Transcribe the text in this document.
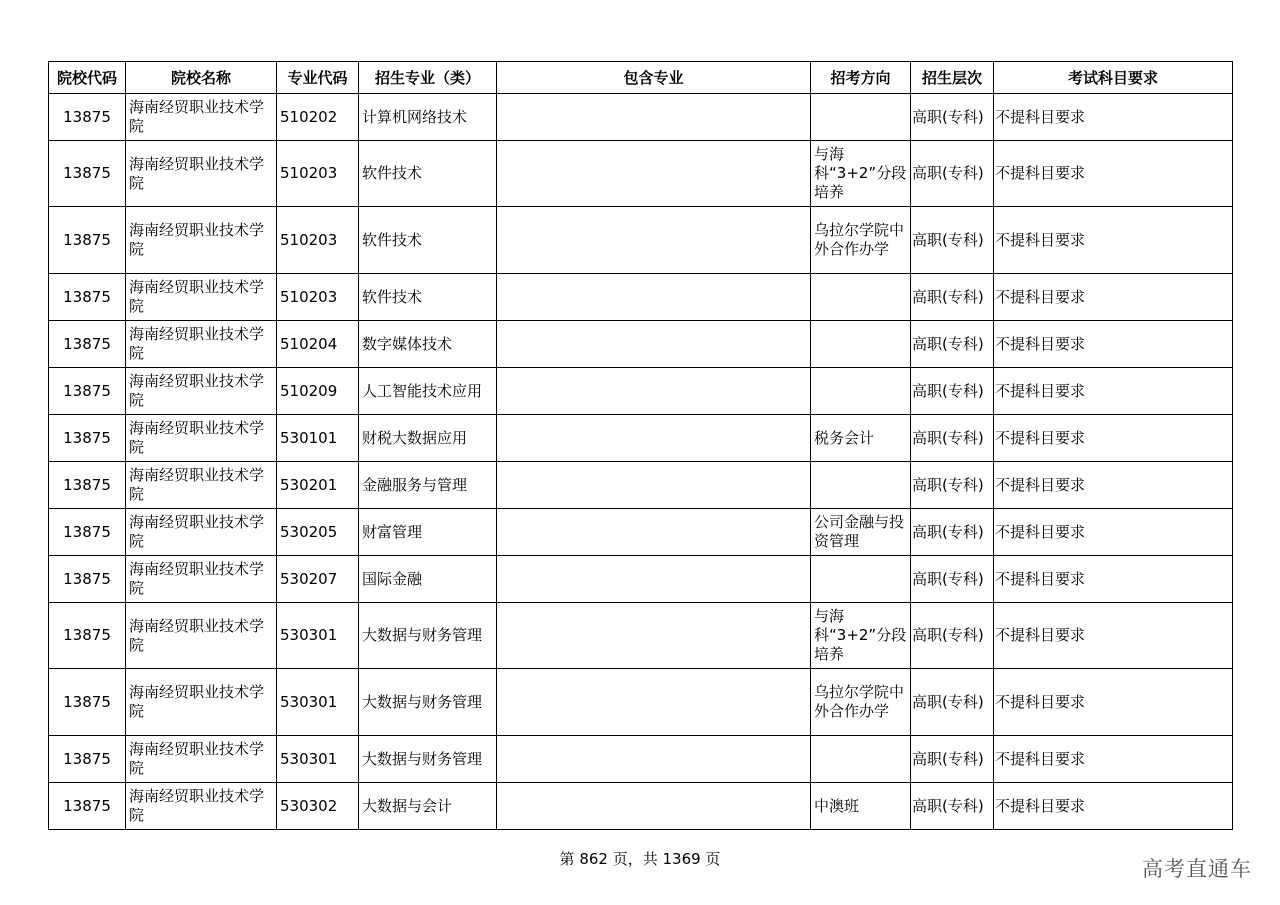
院校代码	院校名称	专业代码	招生专业（类）	包含专业	招考方向	招生层次	考试科目要求
13875	海南经贸职业技术学院	510202	计算机网络技术			高职(专科)	不提科目要求
13875	海南经贸职业技术学院	510203	软件技术		与海科“3+2”分段培养	高职(专科)	不提科目要求
13875	海南经贸职业技术学院	510203	软件技术		乌拉尔学院中外合作办学	高职(专科)	不提科目要求
13875	海南经贸职业技术学院	510203	软件技术			高职(专科)	不提科目要求
13875	海南经贸职业技术学院	510204	数字媒体技术			高职(专科)	不提科目要求
13875	海南经贸职业技术学院	510209	人工智能技术应用			高职(专科)	不提科目要求
13875	海南经贸职业技术学院	530101	财税大数据应用		税务会计	高职(专科)	不提科目要求
13875	海南经贸职业技术学院	530201	金融服务与管理			高职(专科)	不提科目要求
13875	海南经贸职业技术学院	530205	财富管理		公司金融与投资管理	高职(专科)	不提科目要求
13875	海南经贸职业技术学院	530207	国际金融			高职(专科)	不提科目要求
13875	海南经贸职业技术学院	530301	大数据与财务管理		与海科“3+2”分段培养	高职(专科)	不提科目要求
13875	海南经贸职业技术学院	530301	大数据与财务管理		乌拉尔学院中外合作办学	高职(专科)	不提科目要求
13875	海南经贸职业技术学院	530301	大数据与财务管理			高职(专科)	不提科目要求
13875	海南经贸职业技术学院	530302	大数据与会计		中澳班	高职(专科)	不提科目要求
第 862 页，共 1369 页	高考直通车
